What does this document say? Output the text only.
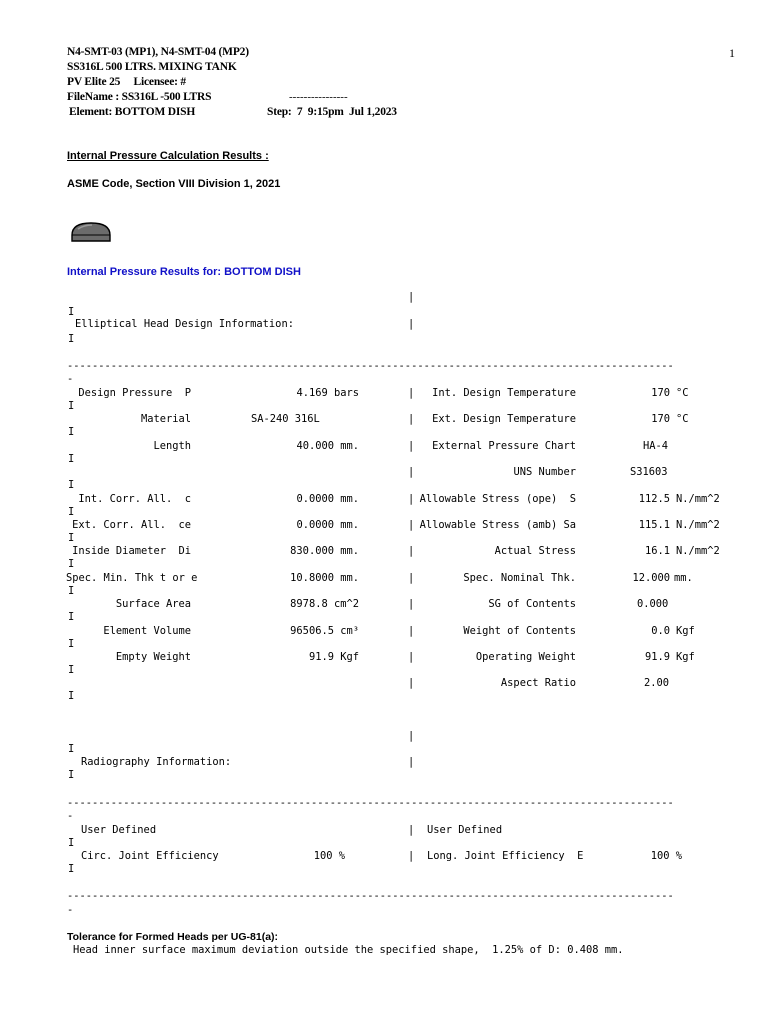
N4-SMT-03 (MP1), N4-SMT-04 (MP2)	1
SS316L 500 LTRS. MIXING TANK
PV Elite 25     Licensee: #
FileName : SS316L -500 LTRS	----------------
Element: BOTTOM DISH	Step:  7  9:15pm  Jul 1,2023
Internal Pressure Calculation Results :
ASME Code, Section VIII Division 1, 2021
Internal Pressure Results for: BOTTOM DISH
|
I
Elliptical Head Design Information:	|
I
-------------------------------------------------------------------------------------------------
-
Design Pressure  P	4.169 bars	|	Int. Design Temperature	170 °C
I
Material	SA-240 316L	|	Ext. Design Temperature	170 °C
I
Length	40.000 mm.	|	External Pressure Chart	HA-4
I
|	UNS Number	S31603
I
Int. Corr. All.  c	0.0000 mm.	| Allowable Stress (ope)  S	112.5 N./mm^2
I
Ext. Corr. All.  ce	0.0000 mm.	| Allowable Stress (amb) Sa	115.1 N./mm^2
I
Inside Diameter  Di	830.000 mm.	|	Actual Stress	16.1 N./mm^2
I
Spec. Min. Thk t or e	10.8000 mm.	|	Spec. Nominal Thk.	12.000 mm.
I
Surface Area	8978.8 cm^2	|	SG of Contents	0.000
I
Element Volume	96506.5 cm³	|	Weight of Contents	0.0 Kgf
I
Empty Weight	91.9 Kgf	|	Operating Weight	91.9 Kgf
I
|	Aspect Ratio	2.00
I
|
I
Radiography Information:	|
I
-------------------------------------------------------------------------------------------------
-
User Defined	| User Defined
I
Circ. Joint Efficiency	100 %	| Long. Joint Efficiency  E	100 %
I
-------------------------------------------------------------------------------------------------
-
Tolerance for Formed Heads per UG-81(a):
Head inner surface maximum deviation outside the specified shape,  1.25% of D: 0.408 mm.
